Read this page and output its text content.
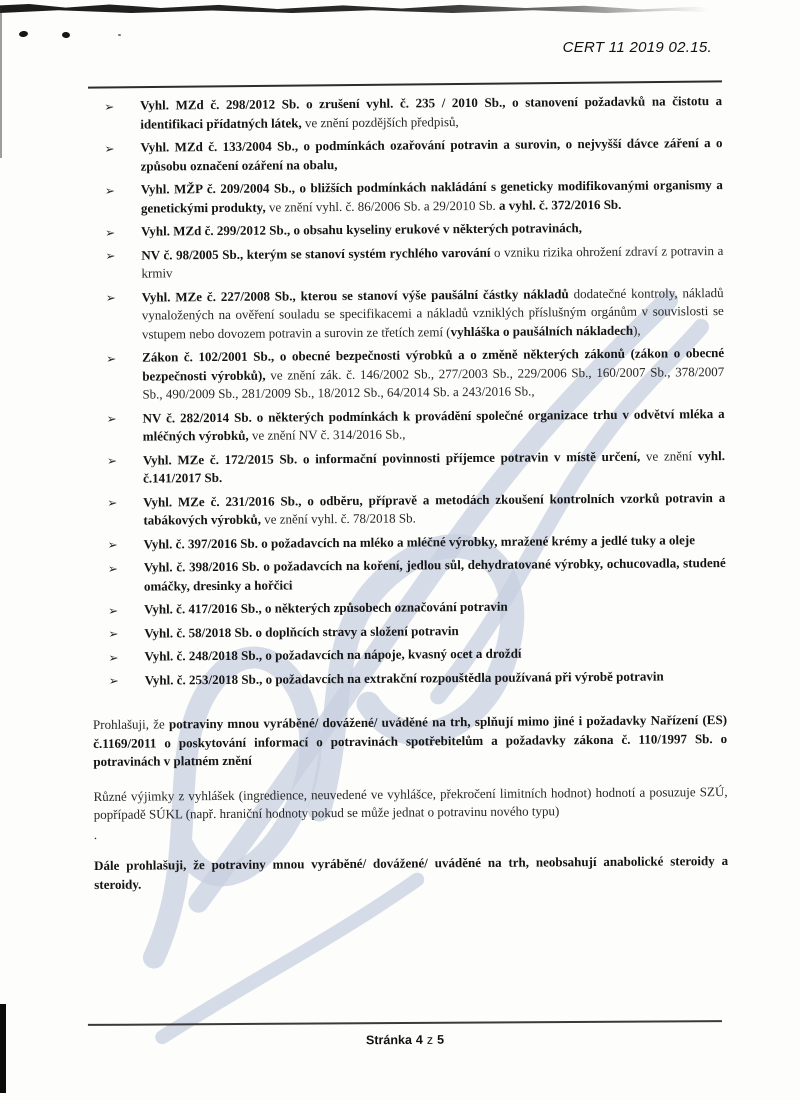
CERT 11 2019 02.15.
➢ Vyhl. MZd č. 298/2012 Sb. o zrušení vyhl. č. 235 / 2010 Sb., o stanovení požadavků na čistotu a identifikaci přídatných látek, ve znění pozdějších předpisů,
➢ Vyhl. MZd č. 133/2004 Sb., o podmínkách ozařování potravin a surovin, o nejvyšší dávce záření a o způsobu označení ozáření na obalu,
➢ Vyhl. MŽP č. 209/2004 Sb., o bližších podmínkách nakládání s geneticky modifikovanými organismy a genetickými produkty, ve znění vyhl. č. 86/2006 Sb. a 29/2010 Sb. a vyhl. č. 372/2016 Sb.
➢ Vyhl. MZd č. 299/2012 Sb., o obsahu kyseliny erukové v některých potravinách,
➢ NV č. 98/2005 Sb., kterým se stanoví systém rychlého varování o vzniku rizika ohrožení zdraví z potravin a krmiv
➢ Vyhl. MZe č. 227/2008 Sb., kterou se stanoví výše paušální částky nákladů dodatečné kontroly, nákladů vynaložených na ověření souladu se specifikacemi a nákladů vzniklých příslušným orgánům v souvislosti se vstupem nebo dovozem potravin a surovin ze třetích zemí (vyhláška o paušálních nákladech),
➢ Zákon č. 102/2001 Sb., o obecné bezpečnosti výrobků a o změně některých zákonů (zákon o obecné bezpečnosti výrobků), ve znění zák. č. 146/2002 Sb., 277/2003 Sb., 229/2006 Sb., 160/2007 Sb., 378/2007 Sb., 490/2009 Sb., 281/2009 Sb., 18/2012 Sb., 64/2014 Sb. a 243/2016 Sb.,
➢ NV č. 282/2014 Sb. o některých podmínkách k provádění společné organizace trhu v odvětví mléka a mléčných výrobků, ve znění NV č. 314/2016 Sb.,
➢ Vyhl. MZe č. 172/2015 Sb. o informační povinnosti příjemce potravin v místě určení, ve znění vyhl. č.141/2017 Sb.
➢ Vyhl. MZe č. 231/2016 Sb., o odběru, přípravě a metodách zkoušení kontrolních vzorků potravin a tabákových výrobků, ve znění vyhl. č. 78/2018 Sb.
➢ Vyhl. č. 397/2016 Sb. o požadavcích na mléko a mléčné výrobky, mražené krémy a jedlé tuky a oleje
➢ Vyhl. č. 398/2016 Sb. o požadavcích na koření, jedlou sůl, dehydratované výrobky, ochucovadla, studené omáčky, dresinky a hořčici
➢ Vyhl. č. 417/2016 Sb., o některých způsobech označování potravin
➢ Vyhl. č. 58/2018 Sb. o doplňcích stravy a složení potravin
➢ Vyhl. č. 248/2018 Sb., o požadavcích na nápoje, kvasný ocet a droždí
➢ Vyhl. č. 253/2018 Sb., o požadavcích na extrakční rozpouštědla používaná při výrobě potravin
Prohlašuji, že potraviny mnou vyráběné/ dovážené/ uváděné na trh, splňují mimo jiné i požadavky Nařízení (ES) č.1169/2011 o poskytování informací o potravinách spotřebitelům a požadavky zákona č. 110/1997 Sb. o potravinách v platném znění
Různé výjimky z vyhlášek (ingredience, neuvedené ve vyhlášce, překročení limitních hodnot) hodnotí a posuzuje SZÚ, popřípadě SÚKL (např. hraniční hodnoty pokud se může jednat o potravinu nového typu)
.
Dále prohlašuji, že potraviny mnou vyráběné/ dovážené/ uváděné na trh, neobsahují anabolické steroidy a steroidy.
Stránka 4 z 5
